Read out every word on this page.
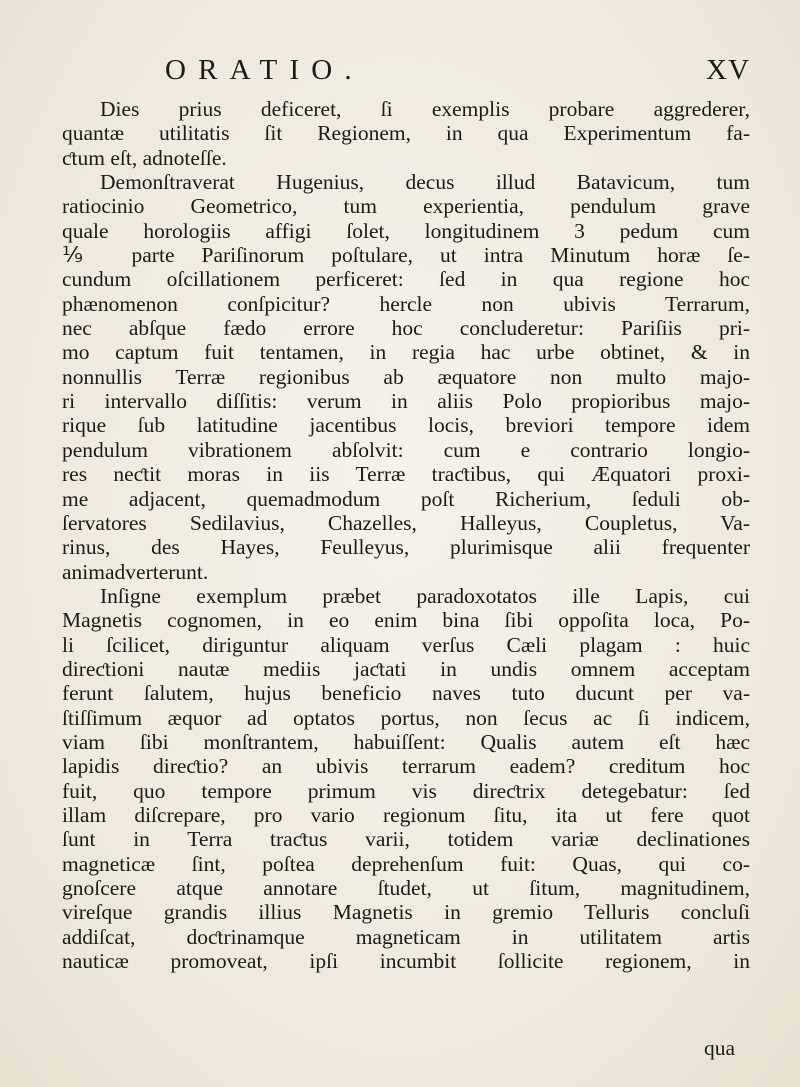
ORATIO.	XV
Dies prius deficeret, ſi exemplis probare aggrederer,
quantæ utilitatis ſit Regionem, in qua Experimentum fa-
ƈtum eſt, adnoteſſe.
Demonſtraverat Hugenius, decus illud Batavicum, tum
ratiocinio Geometrico, tum experientia, pendulum grave
quale horologiis affigi ſolet, longitudinem 3 pedum cum
⅑ parte Pariſinorum poſtulare, ut intra Minutum horæ ſe-
cundum oſcillationem perficeret: ſed in qua regione hoc
phænomenon conſpicitur? hercle non ubivis Terrarum,
nec abſque fædo errore hoc concluderetur: Pariſiis pri-
mo captum fuit tentamen, in regia hac urbe obtinet, & in
nonnullis Terræ regionibus ab æquatore non multo majo-
ri intervallo diſſitis: verum in aliis Polo propioribus majo-
rique ſub latitudine jacentibus locis, breviori tempore idem
pendulum vibrationem abſolvit: cum e contrario longio-
res neƈtit moras in iis Terræ traƈtibus, qui Æquatori proxi-
me adjacent, quemadmodum poſt Richerium, ſeduli ob-
ſervatores Sedilavius, Chazelles, Halleyus, Coupletus, Va-
rinus, des Hayes, Feulleyus, plurimisque alii frequenter
animadverterunt.
Inſigne exemplum præbet paradoxotatos ille Lapis, cui
Magnetis cognomen, in eo enim bina ſibi oppoſita loca, Po-
li ſcilicet, diriguntur aliquam verſus Cæli plagam : huic
direƈtioni nautæ mediis jaƈtati in undis omnem acceptam
ferunt ſalutem, hujus beneficio naves tuto ducunt per va-
ſtiſſimum æquor ad optatos portus, non ſecus ac ſi indicem,
viam ſibi monſtrantem, habuiſſent: Qualis autem eſt hæc
lapidis direƈtio? an ubivis terrarum eadem? creditum hoc
fuit, quo tempore primum vis direƈtrix detegebatur: ſed
illam diſcrepare, pro vario regionum ſitu, ita ut fere quot
ſunt in Terra traƈtus varii, totidem variæ declinationes
magneticæ ſint, poſtea deprehenſum fuit: Quas, qui co-
gnoſcere atque annotare ſtudet, ut ſitum, magnitudinem,
vireſque grandis illius Magnetis in gremio Telluris concluſi
addiſcat, doƈtrinamque magneticam in utilitatem artis
nauticæ promoveat, ipſi incumbit ſollicite regionem, in
qua
